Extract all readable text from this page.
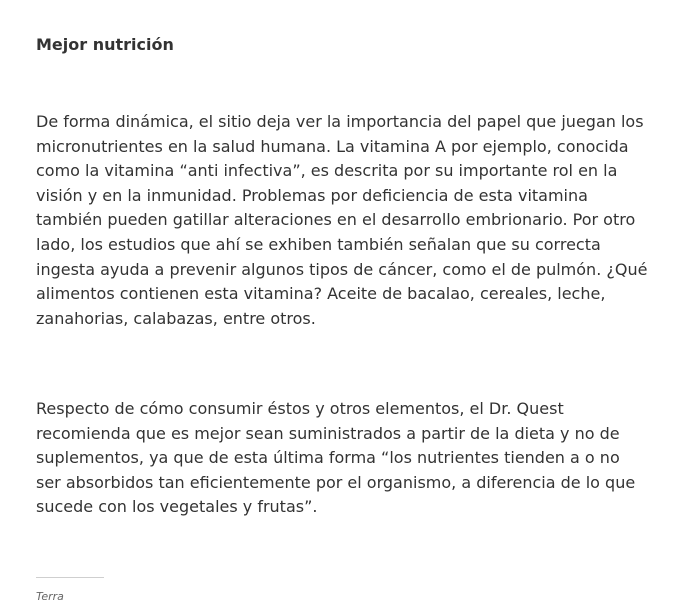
Mejor nutrición

De forma dinámica, el sitio deja ver la importancia del papel que juegan los micronutrientes en la salud humana. La vitamina A por ejemplo, conocida como la vitamina “anti infectiva”, es descrita por su importante rol en la visión y en la inmunidad. Problemas por deficiencia de esta vitamina también pueden gatillar alteraciones en el desarrollo embrionario. Por otro lado, los estudios que ahí se exhiben también señalan que su correcta ingesta ayuda a prevenir algunos tipos de cáncer, como el de pulmón. ¿Qué alimentos contienen esta vitamina? Aceite de bacalao, cereales, leche, zanahorias, calabazas, entre otros.

Respecto de cómo consumir éstos y otros elementos, el Dr. Quest recomienda que es mejor sean suministrados a partir de la dieta y no de suplementos, ya que de esta última forma “los nutrientes tienden a o no ser absorbidos tan eficientemente por el organismo, a diferencia de lo que sucede con los vegetales y frutas”.

Terra
